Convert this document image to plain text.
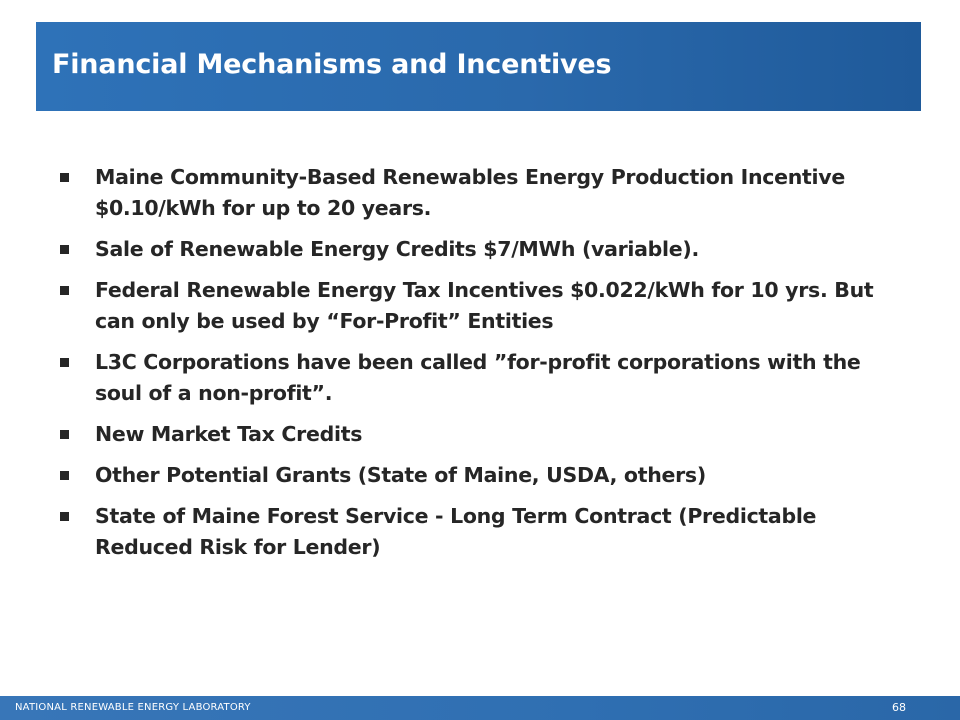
Financial Mechanisms and Incentives
Maine Community-Based Renewables Energy Production Incentive $0.10/kWh for up to 20 years.
Sale of Renewable Energy Credits $7/MWh (variable).
Federal Renewable Energy Tax Incentives $0.022/kWh for 10 yrs. But can only be used by “For-Profit” Entities
L3C Corporations have been called ”for-profit corporations with the soul of a non-profit”.
New Market Tax Credits
Other Potential Grants (State of Maine, USDA, others)
State of Maine Forest Service - Long Term Contract (Predictable Reduced Risk for Lender)
NATIONAL RENEWABLE ENERGY LABORATORY	68
